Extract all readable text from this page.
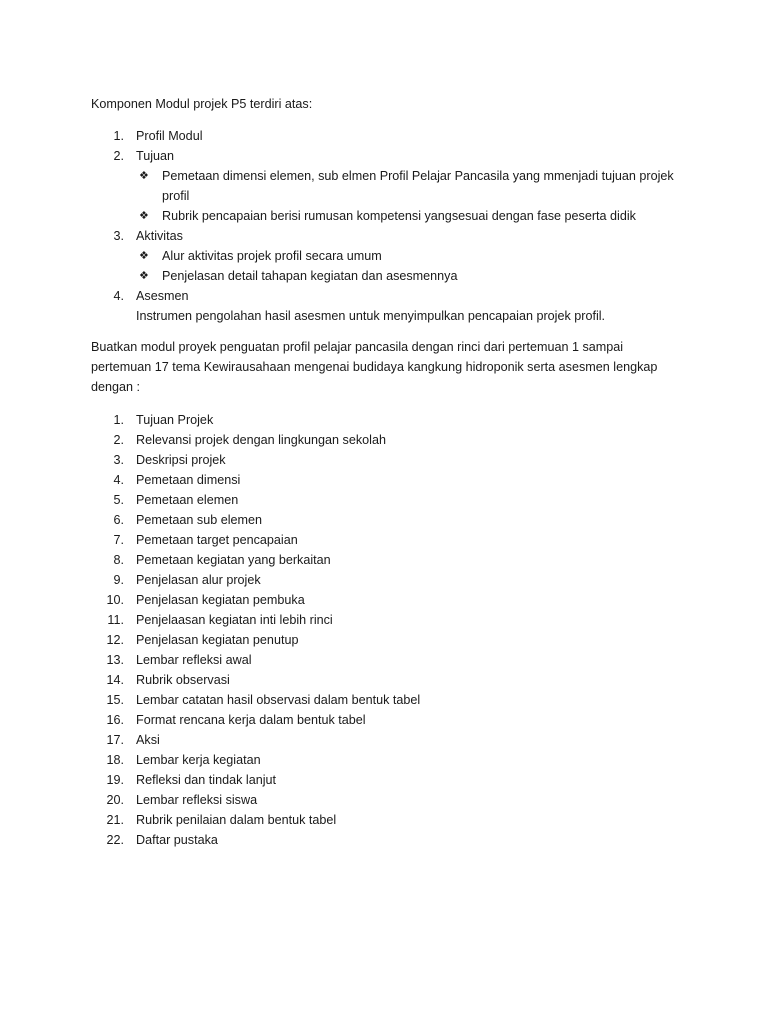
Komponen Modul projek P5 terdiri atas:
1. Profil Modul
2. Tujuan
❖ Pemetaan dimensi elemen, sub elmen Profil Pelajar Pancasila yang mmenjadi tujuan projek profil
❖ Rubrik pencapaian berisi rumusan kompetensi yangsesuai dengan fase peserta didik
3. Aktivitas
❖ Alur aktivitas projek profil secara umum
❖ Penjelasan detail tahapan kegiatan dan asesmennya
4. Asesmen
Instrumen pengolahan hasil asesmen untuk menyimpulkan pencapaian projek profil.
Buatkan modul proyek penguatan profil pelajar pancasila dengan rinci dari pertemuan 1 sampai pertemuan 17 tema Kewirausahaan mengenai budidaya kangkung hidroponik serta asesmen lengkap dengan :
1. Tujuan Projek
2. Relevansi projek dengan lingkungan sekolah
3. Deskripsi projek
4. Pemetaan dimensi
5. Pemetaan elemen
6. Pemetaan sub elemen
7. Pemetaan target pencapaian
8. Pemetaan kegiatan yang berkaitan
9. Penjelasan alur projek
10. Penjelasan kegiatan pembuka
11. Penjelaasan kegiatan inti lebih rinci
12. Penjelasan kegiatan penutup
13. Lembar refleksi awal
14. Rubrik observasi
15. Lembar catatan hasil observasi dalam bentuk tabel
16. Format rencana kerja dalam bentuk tabel
17. Aksi
18. Lembar kerja kegiatan
19. Refleksi dan tindak lanjut
20. Lembar refleksi siswa
21. Rubrik penilaian dalam bentuk tabel
22. Daftar pustaka
